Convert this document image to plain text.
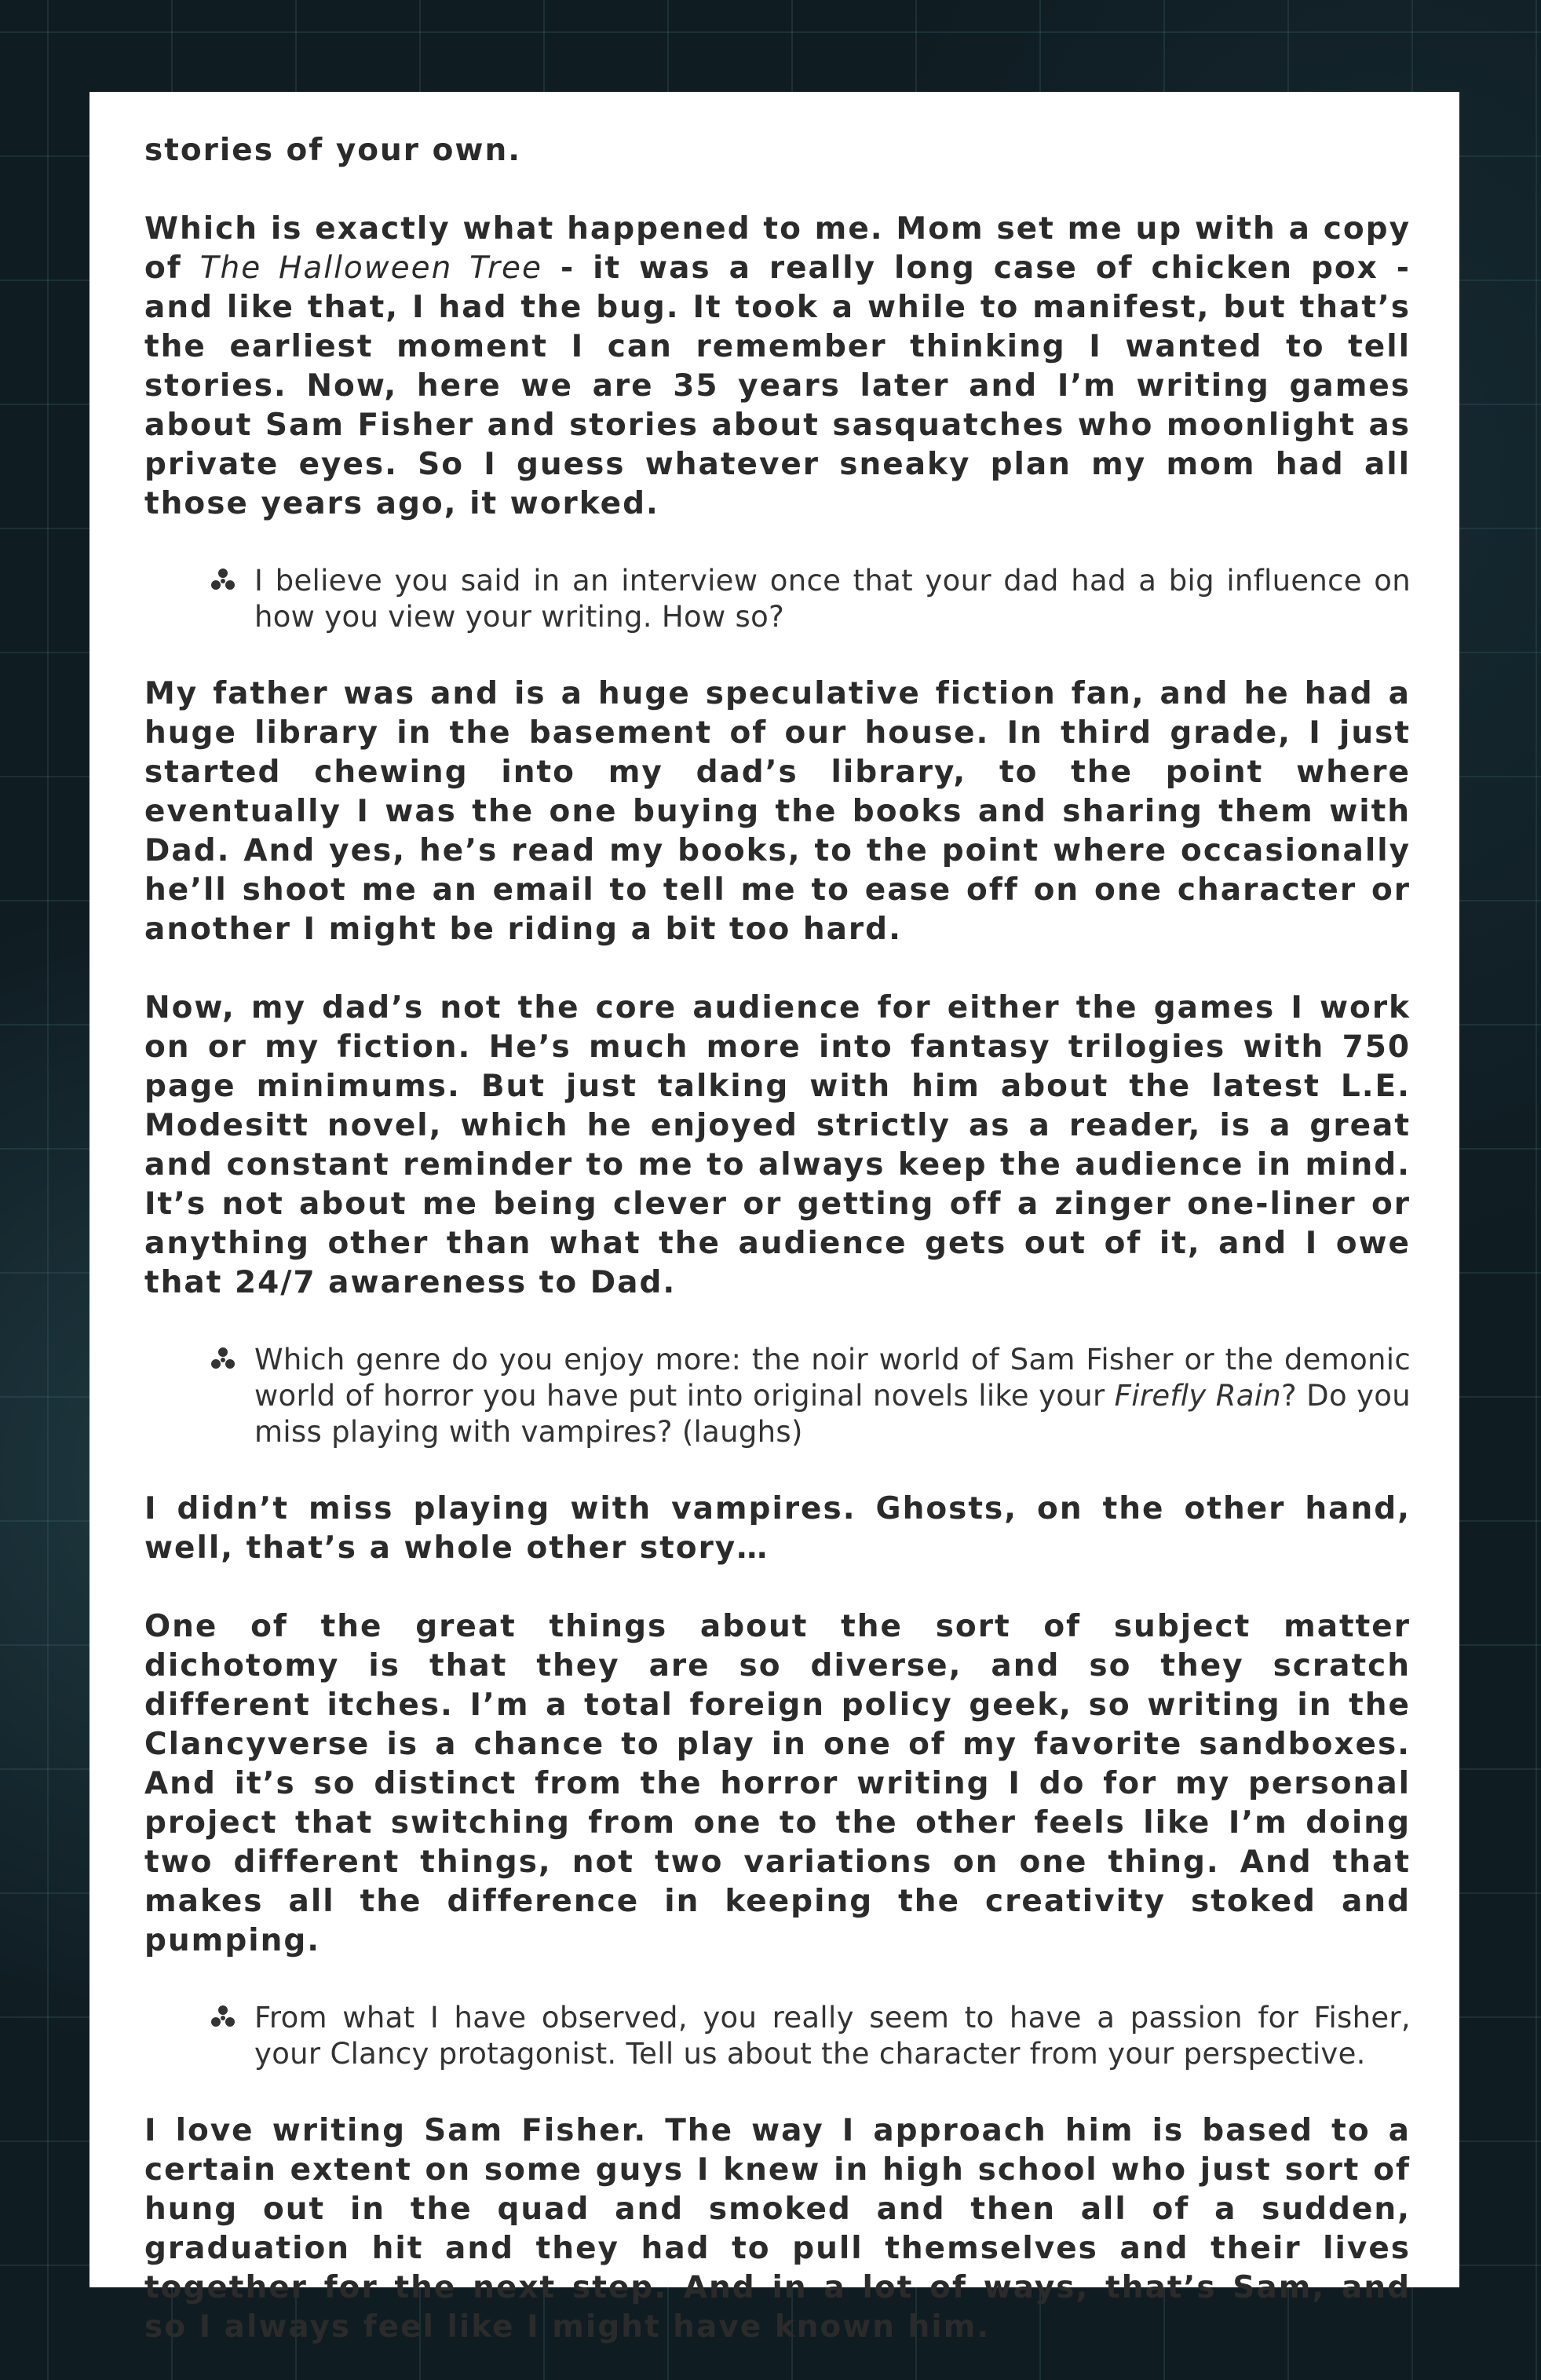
stories of your own.

Which is exactly what happened to me. Mom set me up with a copy of The Halloween Tree - it was a really long case of chicken pox - and like that, I had the bug. It took a while to manifest, but that’s the earliest moment I can remember thinking I wanted to tell stories. Now, here we are 35 years later and I’m writing games about Sam Fisher and stories about sasquatches who moonlight as private eyes. So I guess whatever sneaky plan my mom had all those years ago, it worked.

I believe you said in an interview once that your dad had a big influence on how you view your writing. How so?

My father was and is a huge speculative fiction fan, and he had a huge library in the basement of our house. In third grade, I just started chewing into my dad’s library, to the point where eventually I was the one buying the books and sharing them with Dad. And yes, he’s read my books, to the point where occasionally he’ll shoot me an email to tell me to ease off on one character or another I might be riding a bit too hard.

Now, my dad’s not the core audience for either the games I work on or my fiction. He’s much more into fantasy trilogies with 750 page minimums. But just talking with him about the latest L.E. Modesitt novel, which he enjoyed strictly as a reader, is a great and constant reminder to me to always keep the audience in mind. It’s not about me being clever or getting off a zinger one-liner or anything other than what the audience gets out of it, and I owe that 24/7 awareness to Dad.

Which genre do you enjoy more: the noir world of Sam Fisher or the demonic world of horror you have put into original novels like your Firefly Rain? Do you miss playing with vampires? (laughs)

I didn’t miss playing with vampires. Ghosts, on the other hand, well, that’s a whole other story…

One of the great things about the sort of subject matter dichotomy is that they are so diverse, and so they scratch different itches. I’m a total foreign policy geek, so writing in the Clancyverse is a chance to play in one of my favorite sandboxes. And it’s so distinct from the horror writing I do for my personal project that switching from one to the other feels like I’m doing two different things, not two variations on one thing. And that makes all the difference in keeping the creativity stoked and pumping.

From what I have observed, you really seem to have a passion for Fisher, your Clancy protagonist. Tell us about the character from your perspective.

I love writing Sam Fisher. The way I approach him is based to a certain extent on some guys I knew in high school who just sort of hung out in the quad and smoked and then all of a sudden, graduation hit and they had to pull themselves and their lives together for the next step. And in a lot of ways, that’s Sam, and so I always feel like I might have known him.
